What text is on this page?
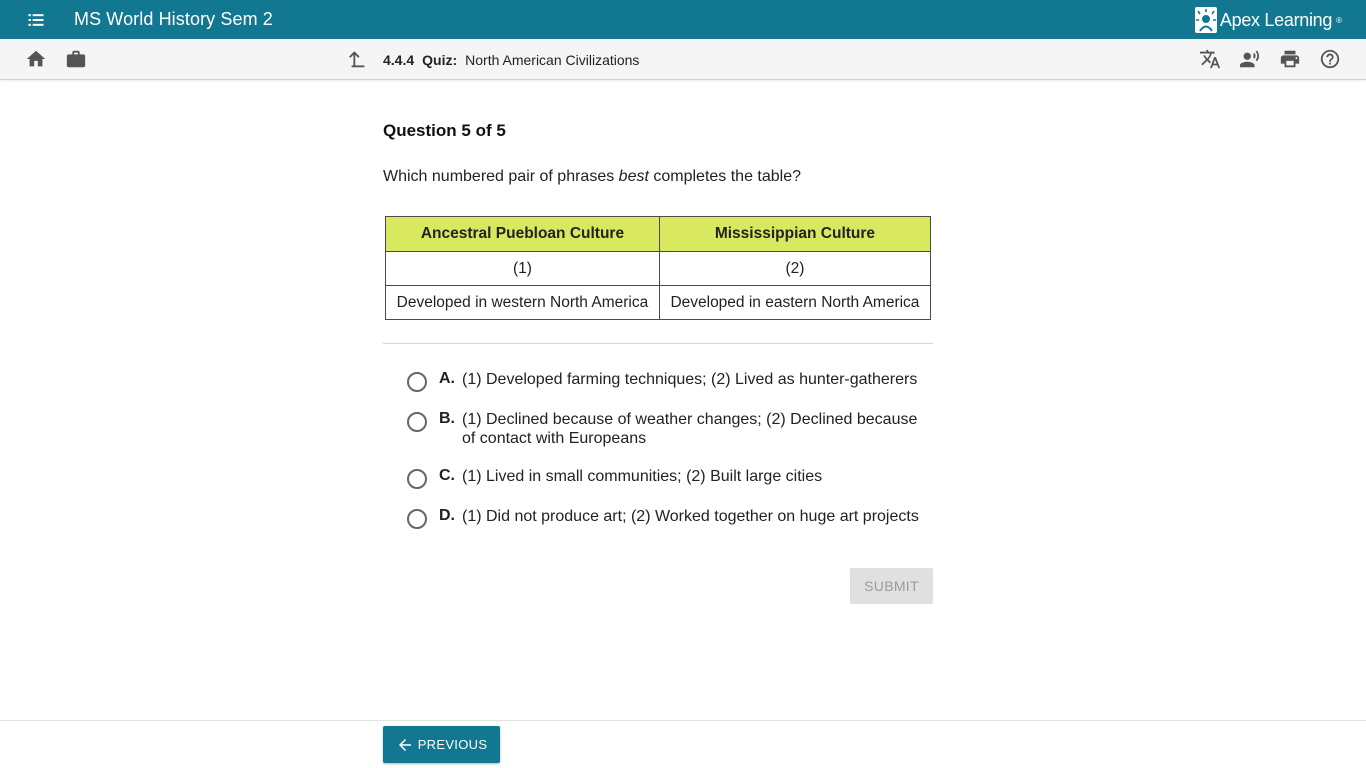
MS World History Sem 2	Apex Learning ®
4.4.4 Quiz: North American Civilizations
Question 5 of 5
Which numbered pair of phrases best completes the table?
Ancestral Puebloan Culture	Mississippian Culture
(1)	(2)
Developed in western North America	Developed in eastern North America
A. (1) Developed farming techniques; (2) Lived as hunter-gatherers
B. (1) Declined because of weather changes; (2) Declined because of contact with Europeans
C. (1) Lived in small communities; (2) Built large cities
D. (1) Did not produce art; (2) Worked together on huge art projects
SUBMIT
PREVIOUS
